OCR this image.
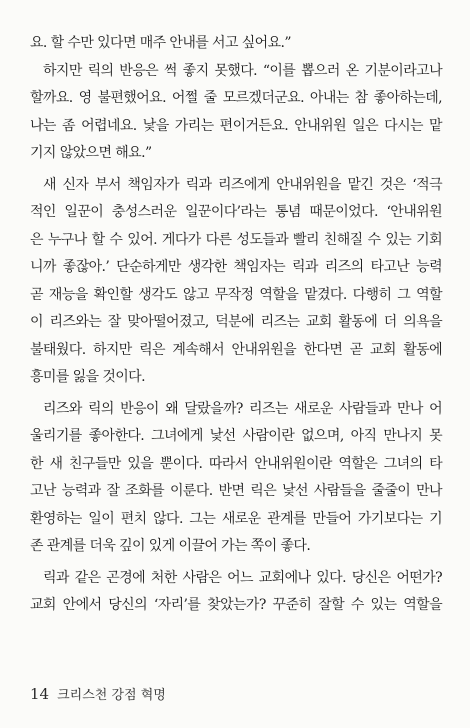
요. 할 수만 있다면 매주 안내를 서고 싶어요.”
하지만 릭의 반응은 썩 좋지 못했다. “이를 뽑으러 온 기분이라고나
할까요. 영 불편했어요. 어쩔 줄 모르겠더군요. 아내는 참 좋아하는데,
나는 좀 어렵네요. 낯을 가리는 편이거든요. 안내위원 일은 다시는 맡
기지 않았으면 해요.”
새 신자 부서 책임자가 릭과 리즈에게 안내위원을 맡긴 것은 ‘적극
적인 일꾼이 충성스러운 일꾼이다’라는 통념 때문이었다. ‘안내위원
은 누구나 할 수 있어. 게다가 다른 성도들과 빨리 친해질 수 있는 기회
니까 좋잖아.’ 단순하게만 생각한 책임자는 릭과 리즈의 타고난 능력
곧 재능을 확인할 생각도 않고 무작정 역할을 맡겼다. 다행히 그 역할
이 리즈와는 잘 맞아떨어졌고, 덕분에 리즈는 교회 활동에 더 의욕을
불태웠다. 하지만 릭은 계속해서 안내위원을 한다면 곧 교회 활동에
흥미를 잃을 것이다.
리즈와 릭의 반응이 왜 달랐을까? 리즈는 새로운 사람들과 만나 어
울리기를 좋아한다. 그녀에게 낯선 사람이란 없으며, 아직 만나지 못
한 새 친구들만 있을 뿐이다. 따라서 안내위원이란 역할은 그녀의 타
고난 능력과 잘 조화를 이룬다. 반면 릭은 낯선 사람들을 줄줄이 만나
환영하는 일이 편치 않다. 그는 새로운 관계를 만들어 가기보다는 기
존 관계를 더욱 깊이 있게 이끌어 가는 쪽이 좋다.
릭과 같은 곤경에 처한 사람은 어느 교회에나 있다. 당신은 어떤가?
교회 안에서 당신의 ‘자리’를 찾았는가? 꾸준히 잘할 수 있는 역할을
14 크리스천 강점 혁명
